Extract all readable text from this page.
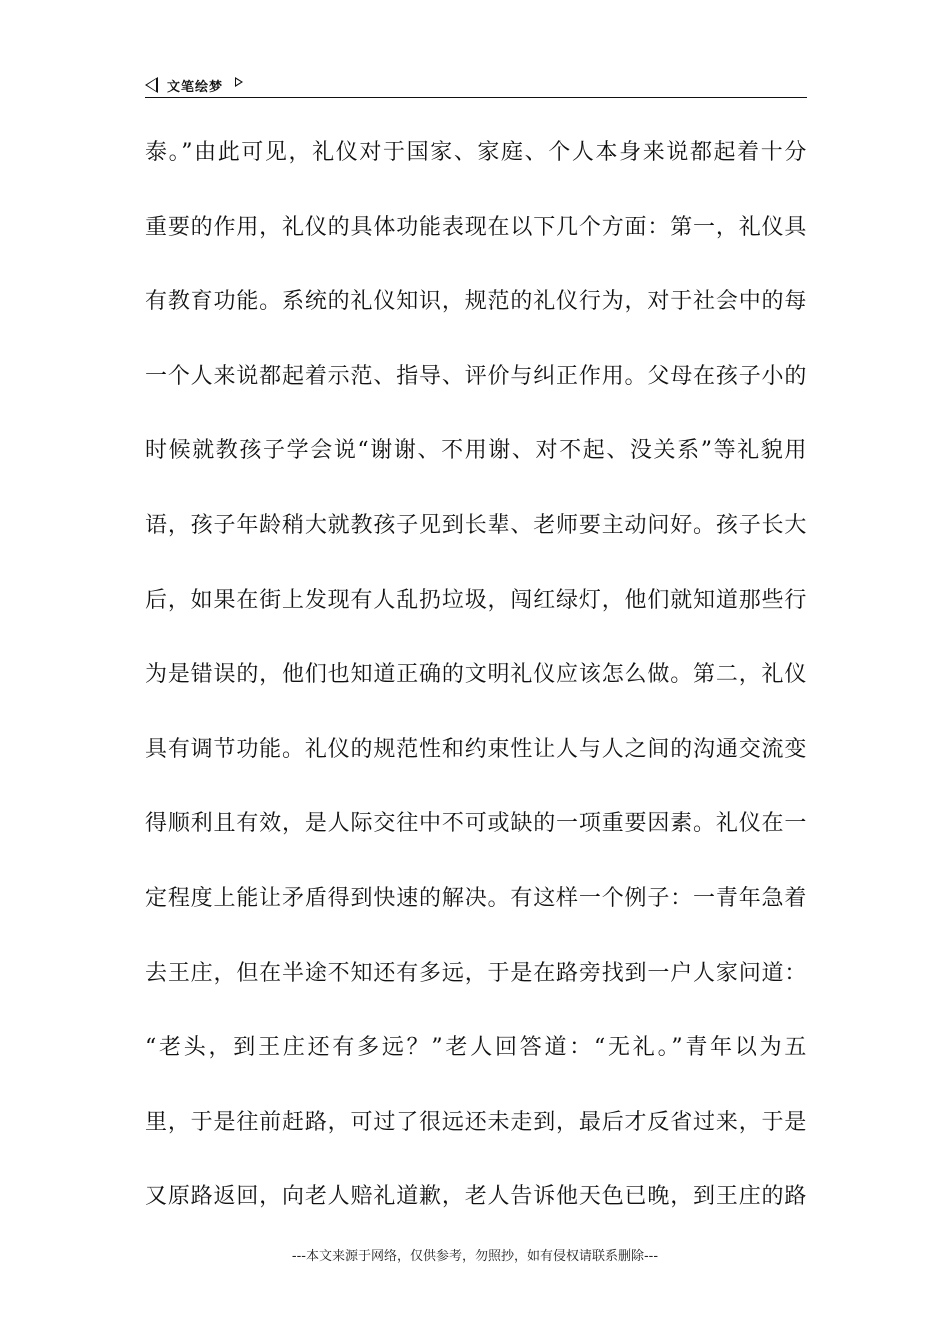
文笔绘梦
泰。”由此可见，礼仪对于国家、家庭、个人本身来说都起着十分
重要的作用，礼仪的具体功能表现在以下几个方面：第一，礼仪具
有教育功能。系统的礼仪知识，规范的礼仪行为，对于社会中的每
一个人来说都起着示范、指导、评价与纠正作用。父母在孩子小的
时候就教孩子学会说“谢谢、不用谢、对不起、没关系”等礼貌用
语，孩子年龄稍大就教孩子见到长辈、老师要主动问好。孩子长大
后，如果在街上发现有人乱扔垃圾，闯红绿灯，他们就知道那些行
为是错误的，他们也知道正确的文明礼仪应该怎么做。第二，礼仪
具有调节功能。礼仪的规范性和约束性让人与人之间的沟通交流变
得顺利且有效，是人际交往中不可或缺的一项重要因素。礼仪在一
定程度上能让矛盾得到快速的解决。有这样一个例子：一青年急着
去王庄，但在半途不知还有多远，于是在路旁找到一户人家问道：
“老头，到王庄还有多远？”老人回答道：“无礼。”青年以为五
里，于是往前赶路，可过了很远还未走到，最后才反省过来，于是
又原路返回，向老人赔礼道歉，老人告诉他天色已晚，到王庄的路
---本文来源于网络，仅供参考，勿照抄，如有侵权请联系删除---
